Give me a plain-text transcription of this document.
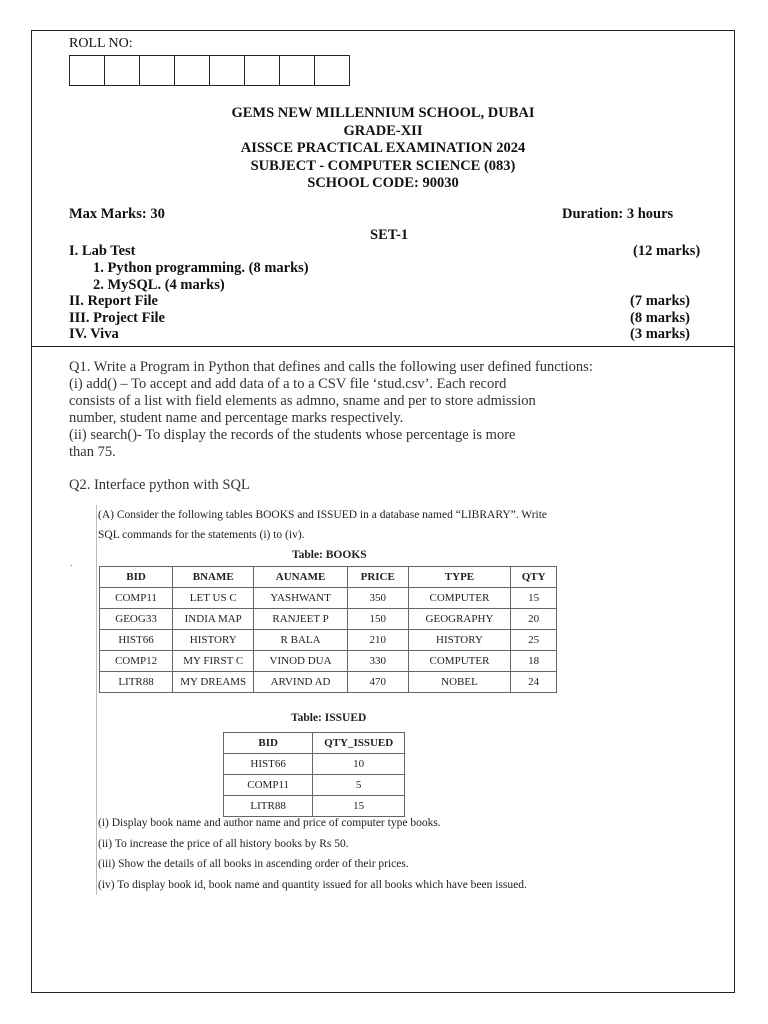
ROLL NO:
GEMS NEW MILLENNIUM SCHOOL, DUBAI
GRADE-XII
AISSCE PRACTICAL EXAMINATION 2024
SUBJECT - COMPUTER SCIENCE (083)
SCHOOL CODE: 90030
Max Marks: 30	Duration: 3 hours
SET-1
I. Lab Test	(12 marks)
1. Python programming. (8 marks)
2. MySQL. (4 marks)
II. Report File	(7 marks)
III. Project File	(8 marks)
IV. Viva	(3 marks)
Q1. Write a Program in Python that defines and calls the following user defined functions:
(i) add() – To accept and add data of a to a CSV file ‘stud.csv’. Each record
consists of a list with field elements as admno, sname and per to store admission
number, student name and percentage marks respectively.
(ii) search()- To display the records of the students whose percentage is more
than 75.
Q2. Interface python with SQL
.
(A) Consider the following tables BOOKS and ISSUED in a database named “LIBRARY”. Write
SQL commands for the statements (i) to (iv).
Table: BOOKS
BID	BNAME	AUNAME	PRICE	TYPE	QTY
COMP11	LET US C	YASHWANT	350	COMPUTER	15
GEOG33	INDIA MAP	RANJEET P	150	GEOGRAPHY	20
HIST66	HISTORY	R BALA	210	HISTORY	25
COMP12	MY FIRST C	VINOD DUA	330	COMPUTER	18
LITR88	MY DREAMS	ARVIND AD	470	NOBEL	24
Table: ISSUED
BID	QTY_ISSUED
HIST66	10
COMP11	5
LITR88	15
(i) Display book name and author name and price of computer type books.
(ii) To increase the price of all history books by Rs 50.
(iii) Show the details of all books in ascending order of their prices.
(iv) To display book id, book name and quantity issued for all books which have been issued.
